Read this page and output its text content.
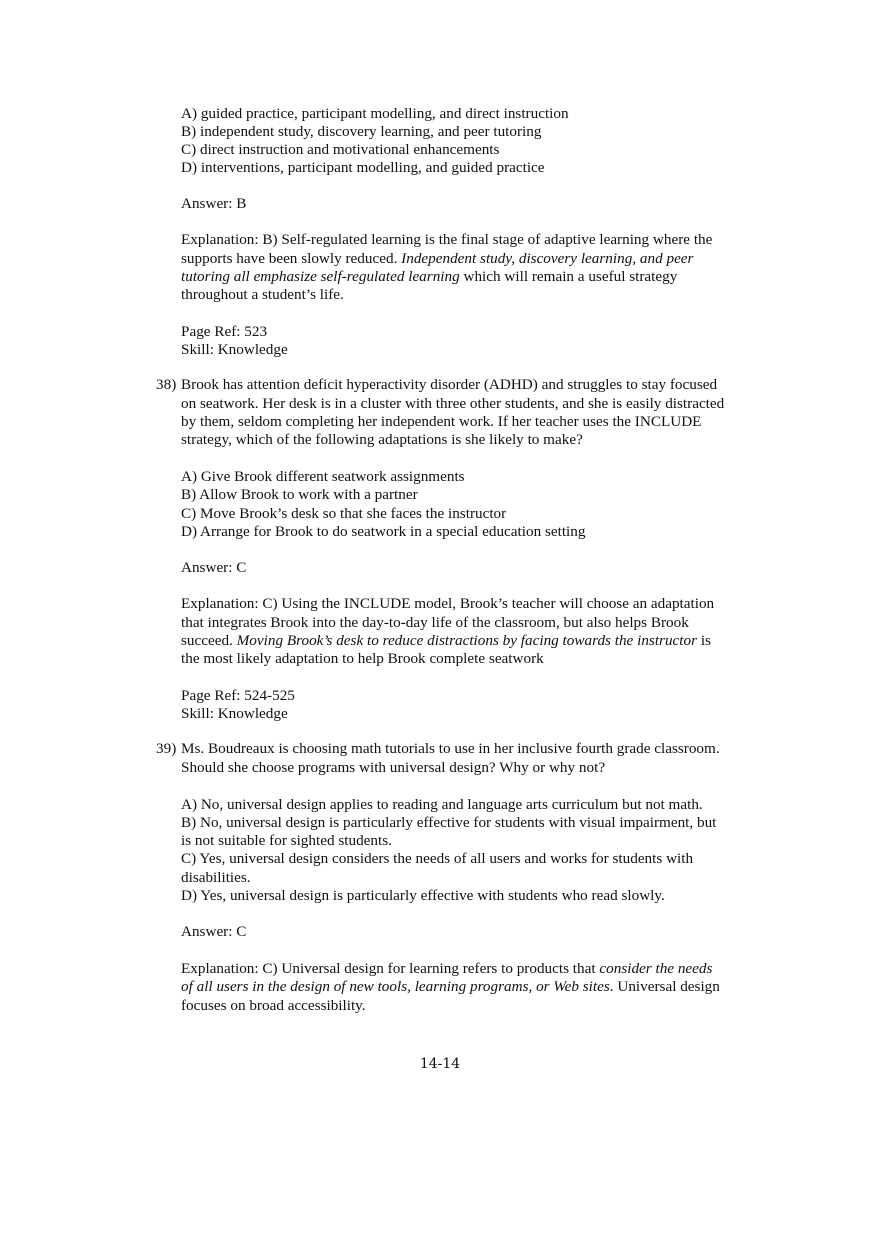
A) guided practice, participant modelling, and direct instruction
B) independent study, discovery learning, and peer tutoring
C) direct instruction and motivational enhancements
D) interventions, participant modelling, and guided practice
Answer: B
Explanation: B) Self-regulated learning is the final stage of adaptive learning where the
supports have been slowly reduced. Independent study, discovery learning, and peer
tutoring all emphasize self-regulated learning which will remain a useful strategy
throughout a student’s life.
Page Ref: 523
Skill: Knowledge
38) Brook has attention deficit hyperactivity disorder (ADHD) and struggles to stay focused
on seatwork. Her desk is in a cluster with three other students, and she is easily distracted
by them, seldom completing her independent work. If her teacher uses the INCLUDE
strategy, which of the following adaptations is she likely to make?
A) Give Brook different seatwork assignments
B) Allow Brook to work with a partner
C) Move Brook’s desk so that she faces the instructor
D) Arrange for Brook to do seatwork in a special education setting
Answer: C
Explanation: C) Using the INCLUDE model, Brook’s teacher will choose an adaptation
that integrates Brook into the day-to-day life of the classroom, but also helps Brook
succeed. Moving Brook’s desk to reduce distractions by facing towards the instructor is
the most likely adaptation to help Brook complete seatwork
Page Ref: 524-525
Skill: Knowledge
39) Ms. Boudreaux is choosing math tutorials to use in her inclusive fourth grade classroom.
Should she choose programs with universal design? Why or why not?
A) No, universal design applies to reading and language arts curriculum but not math.
B) No, universal design is particularly effective for students with visual impairment, but
is not suitable for sighted students.
C) Yes, universal design considers the needs of all users and works for students with
disabilities.
D) Yes, universal design is particularly effective with students who read slowly.
Answer: C
Explanation: C) Universal design for learning refers to products that consider the needs
of all users in the design of new tools, learning programs, or Web sites. Universal design
focuses on broad accessibility.
14-14
